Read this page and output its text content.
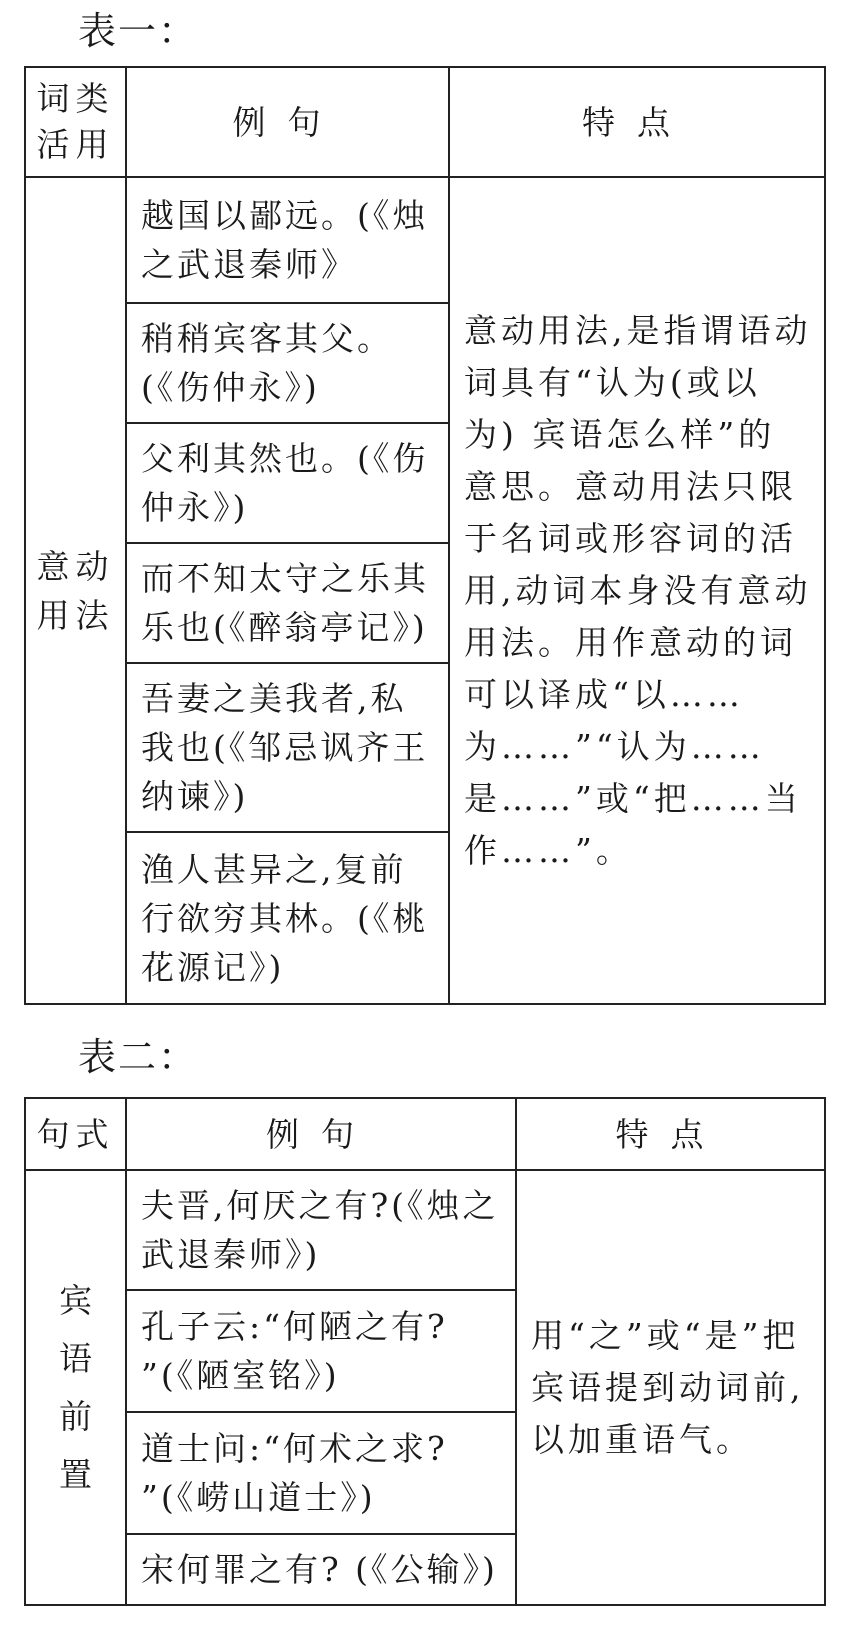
表一：
词类
活用	例句	特点
意动
用法	越国以鄙远。(《烛之武退秦师》	意动用法,是指谓语动词具有“认为(或以为) 宾语怎么样”的意思。意动用法只限于名词或形容词的活用,动词本身没有意动用法。用作意动的词可以译成“以……为……”“认为……是……”或“把……当作……”。
	稍稍宾客其父。(《伤仲永》)	
	父利其然也。(《伤仲永》)	
	而不知太守之乐其乐也(《醉翁亭记》)	
	吾妻之美我者,私我也(《邹忌讽齐王纳谏》)	
	渔人甚异之,复前行欲穷其林。(《桃花源记》)	
表二：
句式	例句	特点
宾
语
前
置	夫晋,何厌之有?(《烛之武退秦师》)	用“之”或“是”把宾语提到动词前,以加重语气。
	孔子云:“何陋之有? ”(《陋室铭》)	
	道士问:“何术之求? ”(《崂山道士》)	
	宋何罪之有? (《公输》)	
